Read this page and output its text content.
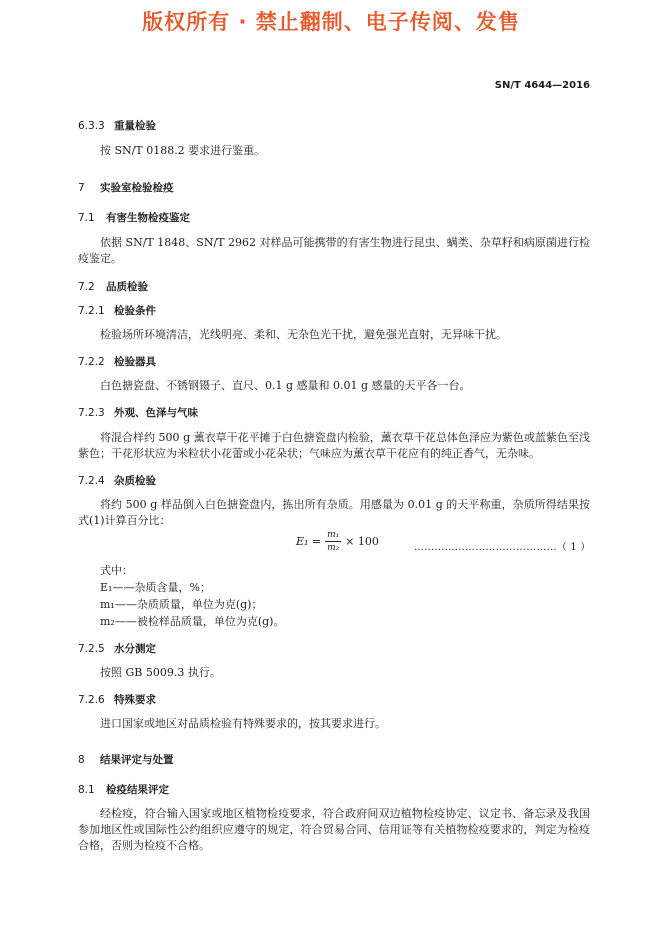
版权所有 · 禁止翻制、电子传阅、发售
SN/T 4644—2016
6.3.3 重量检验
按 SN/T 0188.2 要求进行鉴重。
7 实验室检验检疫
7.1 有害生物检疫鉴定
依据 SN/T 1848、SN/T 2962 对样品可能携带的有害生物进行昆虫、螨类、杂草籽和病原菌进行检疫鉴定。
7.2 品质检验
7.2.1 检验条件
检验场所环境清洁，光线明亮、柔和、无杂色光干扰，避免强光直射，无异味干扰。
7.2.2 检验器具
白色搪瓷盘、不锈钢镊子、直尺、0.1 g 感量和 0.01 g 感量的天平各一台。
7.2.3 外观、色泽与气味
将混合样约 500 g 薰衣草干花平摊于白色搪瓷盘内检验，薰衣草干花总体色泽应为紫色或蓝紫色至浅紫色；干花形状应为米粒状小花蕾或小花朵状；气味应为薰衣草干花应有的纯正香气，无杂味。
7.2.4 杂质检验
将约 500 g 样品倒入白色搪瓷盘内，拣出所有杂质。用感量为 0.01 g 的天平称重，杂质所得结果按式(1)计算百分比：
$E_1 = \frac{\text{m₁}}{\text{m₂}} \times 100$	……………………………………（ 1 ）
式中：
E₁——杂质含量，%；
m₁——杂质质量，单位为克(g)；
m₂——被检样品质量，单位为克(g)。
7.2.5 水分测定
按照 GB 5009.3 执行。
7.2.6 特殊要求
进口国家或地区对品质检验有特殊要求的，按其要求进行。
8 结果评定与处置
8.1 检疫结果评定
经检疫，符合输入国家或地区植物检疫要求，符合政府间双边植物检疫协定、议定书、备忘录及我国参加地区性或国际性公约组织应遵守的规定，符合贸易合同、信用证等有关植物检疫要求的，判定为检疫合格，否则为检疫不合格。
